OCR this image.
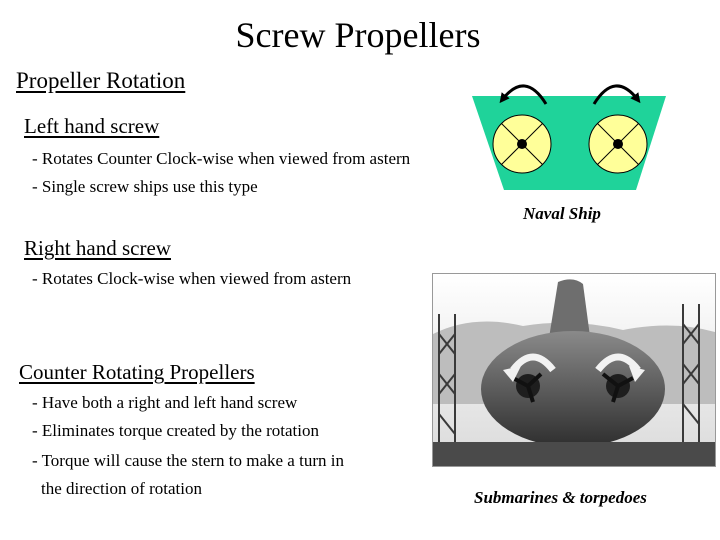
Screw Propellers
Propeller Rotation
Left hand screw
- Rotates Counter Clock-wise when viewed from astern
- Single screw ships use this type
Right hand screw
- Rotates Clock-wise when viewed from astern
Counter Rotating Propellers
- Have both a right and left hand screw
- Eliminates torque created by the rotation
- Torque will cause the stern to make a turn in
the direction of rotation
Naval Ship
Submarines & torpedoes
